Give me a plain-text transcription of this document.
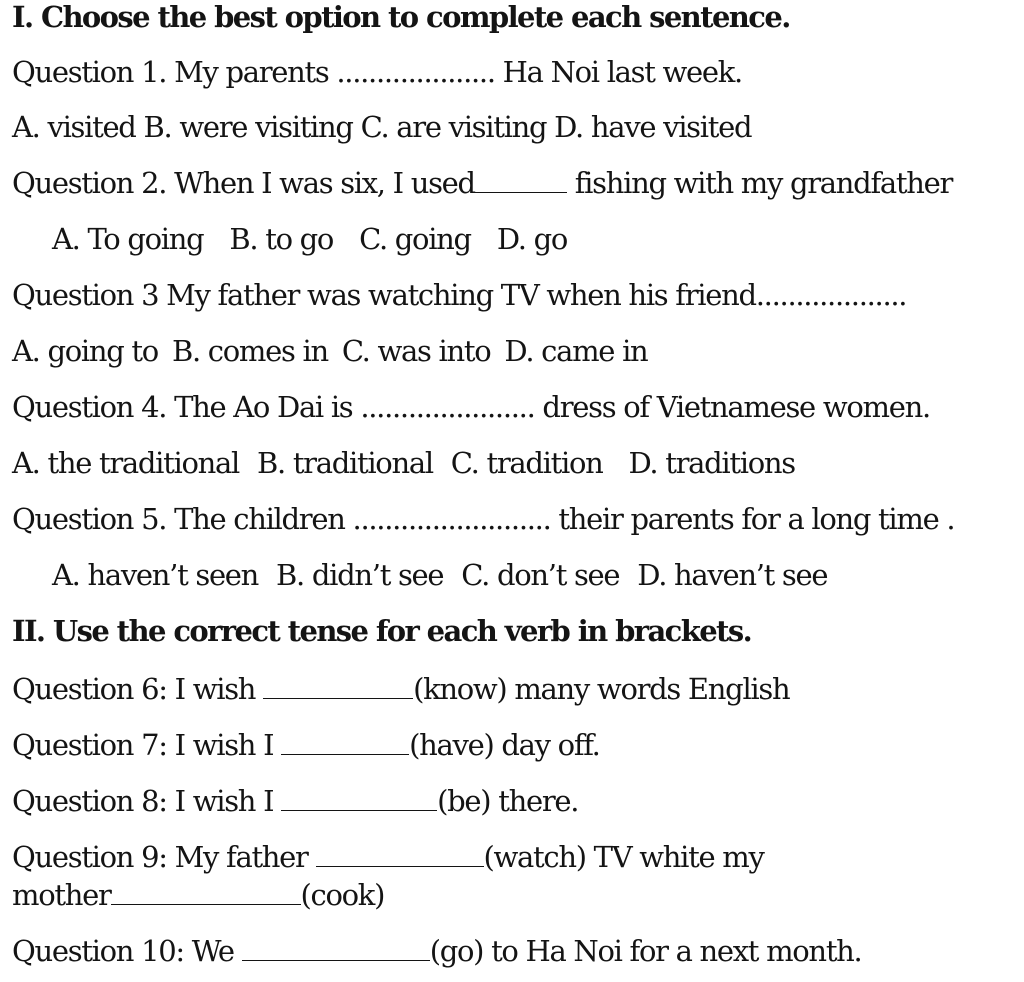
I. Choose the best option to complete each sentence.
Question 1. My parents .................... Ha Noi last week.
A. visited B. were visiting C. are visiting D. have visited
Question 2. When I was six, I used	fishing with my grandfather
A. To going B. to go C. going D. go
Question 3 My father was watching TV when his friend...................
A. going to B. comes in C. was into D. came in
Question 4. The Ao Dai is ...................... dress of Vietnamese women.
A. the traditional B. traditional C. tradition D. traditions
Question 5. The children ......................... their parents for a long time .
A. haven’t seen B. didn’t see C. don’t see D. haven’t see
II. Use the correct tense for each verb in brackets.
Question 6: I wish	(know) many words English
Question 7: I wish I	(have) day off.
Question 8: I wish I	(be) there.
Question 9: My father	(watch) TV white my
mother	(cook)
Question 10: We	(go) to Ha Noi for a next month.
